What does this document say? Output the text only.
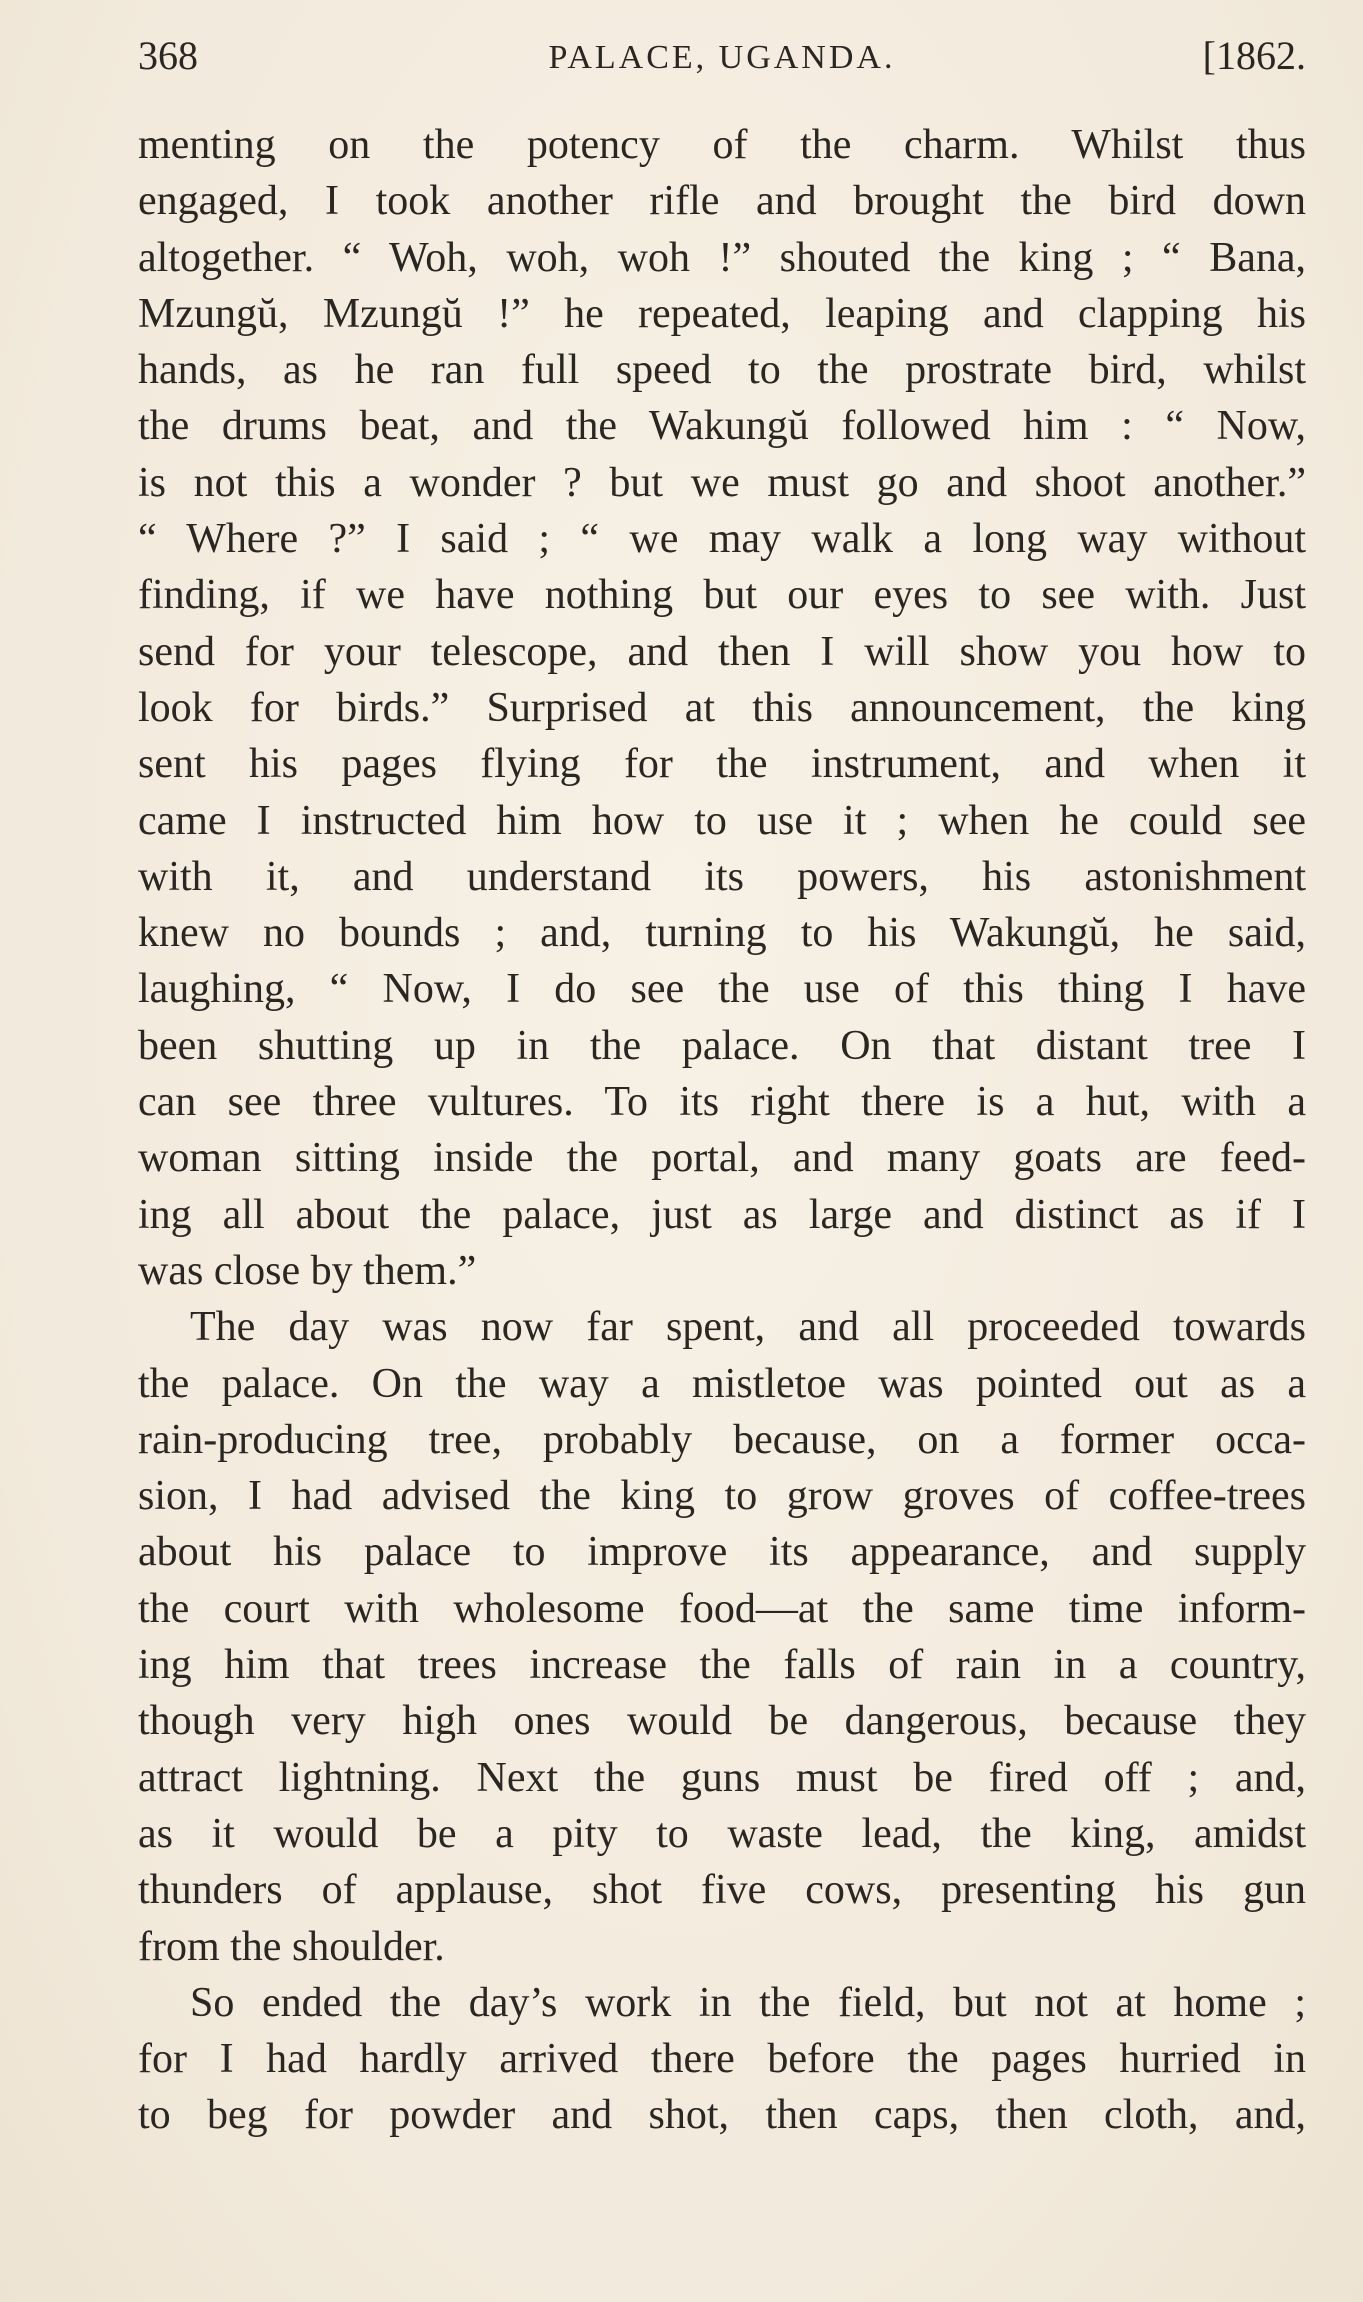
368	PALACE, UGANDA.	[1862.
menting on the potency of the charm. Whilst thus
engaged, I took another rifle and brought the bird down
altogether. “ Woh, woh, woh !” shouted the king ; “ Bana,
Mzungŭ, Mzungŭ !” he repeated, leaping and clapping his
hands, as he ran full speed to the prostrate bird, whilst
the drums beat, and the Wakungŭ followed him : “ Now,
is not this a wonder ? but we must go and shoot another.”
“ Where ?” I said ; “ we may walk a long way without
finding, if we have nothing but our eyes to see with. Just
send for your telescope, and then I will show you how to
look for birds.” Surprised at this announcement, the king
sent his pages flying for the instrument, and when it
came I instructed him how to use it ; when he could see
with it, and understand its powers, his astonishment
knew no bounds ; and, turning to his Wakungŭ, he said,
laughing, “ Now, I do see the use of this thing I have
been shutting up in the palace. On that distant tree I
can see three vultures. To its right there is a hut, with a
woman sitting inside the portal, and many goats are feed-
ing all about the palace, just as large and distinct as if I
was close by them.”
The day was now far spent, and all proceeded towards
the palace. On the way a mistletoe was pointed out as a
rain-producing tree, probably because, on a former occa-
sion, I had advised the king to grow groves of coffee-trees
about his palace to improve its appearance, and supply
the court with wholesome food—at the same time inform-
ing him that trees increase the falls of rain in a country,
though very high ones would be dangerous, because they
attract lightning. Next the guns must be fired off ; and,
as it would be a pity to waste lead, the king, amidst
thunders of applause, shot five cows, presenting his gun
from the shoulder.
So ended the day’s work in the field, but not at home ;
for I had hardly arrived there before the pages hurried in
to beg for powder and shot, then caps, then cloth, and,
